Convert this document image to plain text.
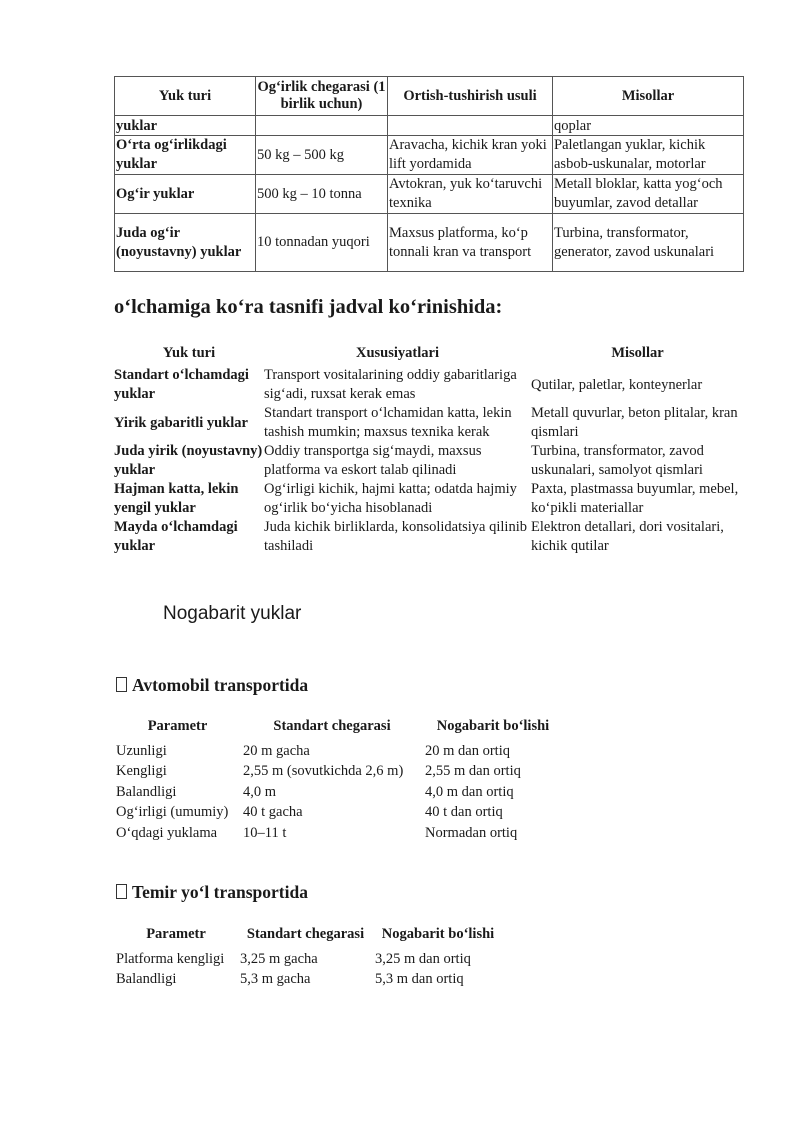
Yuk turi	Og‘irlik chegarasi (1 birlik uchun)	Ortish-tushirish usuli	Misollar
yuklar			qoplar
O‘rta og‘irlikdagi yuklar	50 kg – 500 kg	Aravacha, kichik kran yoki lift yordamida	Paletlangan yuklar, kichik asbob-uskunalar, motorlar
Og‘ir yuklar	500 kg – 10 tonna	Avtokran, yuk ko‘taruvchi texnika	Metall bloklar, katta yog‘och buyumlar, zavod detallar
Juda og‘ir (noyustavny) yuklar	10 tonnadan yuqori	Maxsus platforma, ko‘p tonnali kran va transport	Turbina, transformator, generator, zavod uskunalari
o‘lchamiga ko‘ra tasnifi jadval ko‘rinishida:
Yuk turi	Xususiyatlari	Misollar
Standart o‘lchamdagi yuklar	Transport vositalarining oddiy gabaritlariga sig‘adi, ruxsat kerak emas	Qutilar, paletlar, konteynerlar
Yirik gabaritli yuklar	Standart transport o‘lchamidan katta, lekin tashish mumkin; maxsus texnika kerak	Metall quvurlar, beton plitalar, kran qismlari
Juda yirik (noyustavny) yuklar	Oddiy transportga sig‘maydi, maxsus platforma va eskort talab qilinadi	Turbina, transformator, zavod uskunalari, samolyot qismlari
Hajman katta, lekin yengil yuklar	Og‘irligi kichik, hajmi katta; odatda hajmiy og‘irlik bo‘yicha hisoblanadi	Paxta, plastmassa buyumlar, mebel, ko‘pikli materiallar
Mayda o‘lchamdagi yuklar	Juda kichik birliklarda, konsolidatsiya qilinib tashiladi	Elektron detallari, dori vositalari, kichik qutilar
Nogabarit yuklar
Avtomobil transportida
Parametr	Standart chegarasi	Nogabarit bo‘lishi
Uzunligi	20 m gacha	20 m dan ortiq
Kengligi	2,55 m (sovutkichda 2,6 m)	2,55 m dan ortiq
Balandligi	4,0 m	4,0 m dan ortiq
Og‘irligi (umumiy)	40 t gacha	40 t dan ortiq
O‘qdagi yuklama	10–11 t	Normadan ortiq
Temir yo‘l transportida
Parametr	Standart chegarasi	Nogabarit bo‘lishi
Platforma kengligi	3,25 m gacha	3,25 m dan ortiq
Balandligi	5,3 m gacha	5,3 m dan ortiq
